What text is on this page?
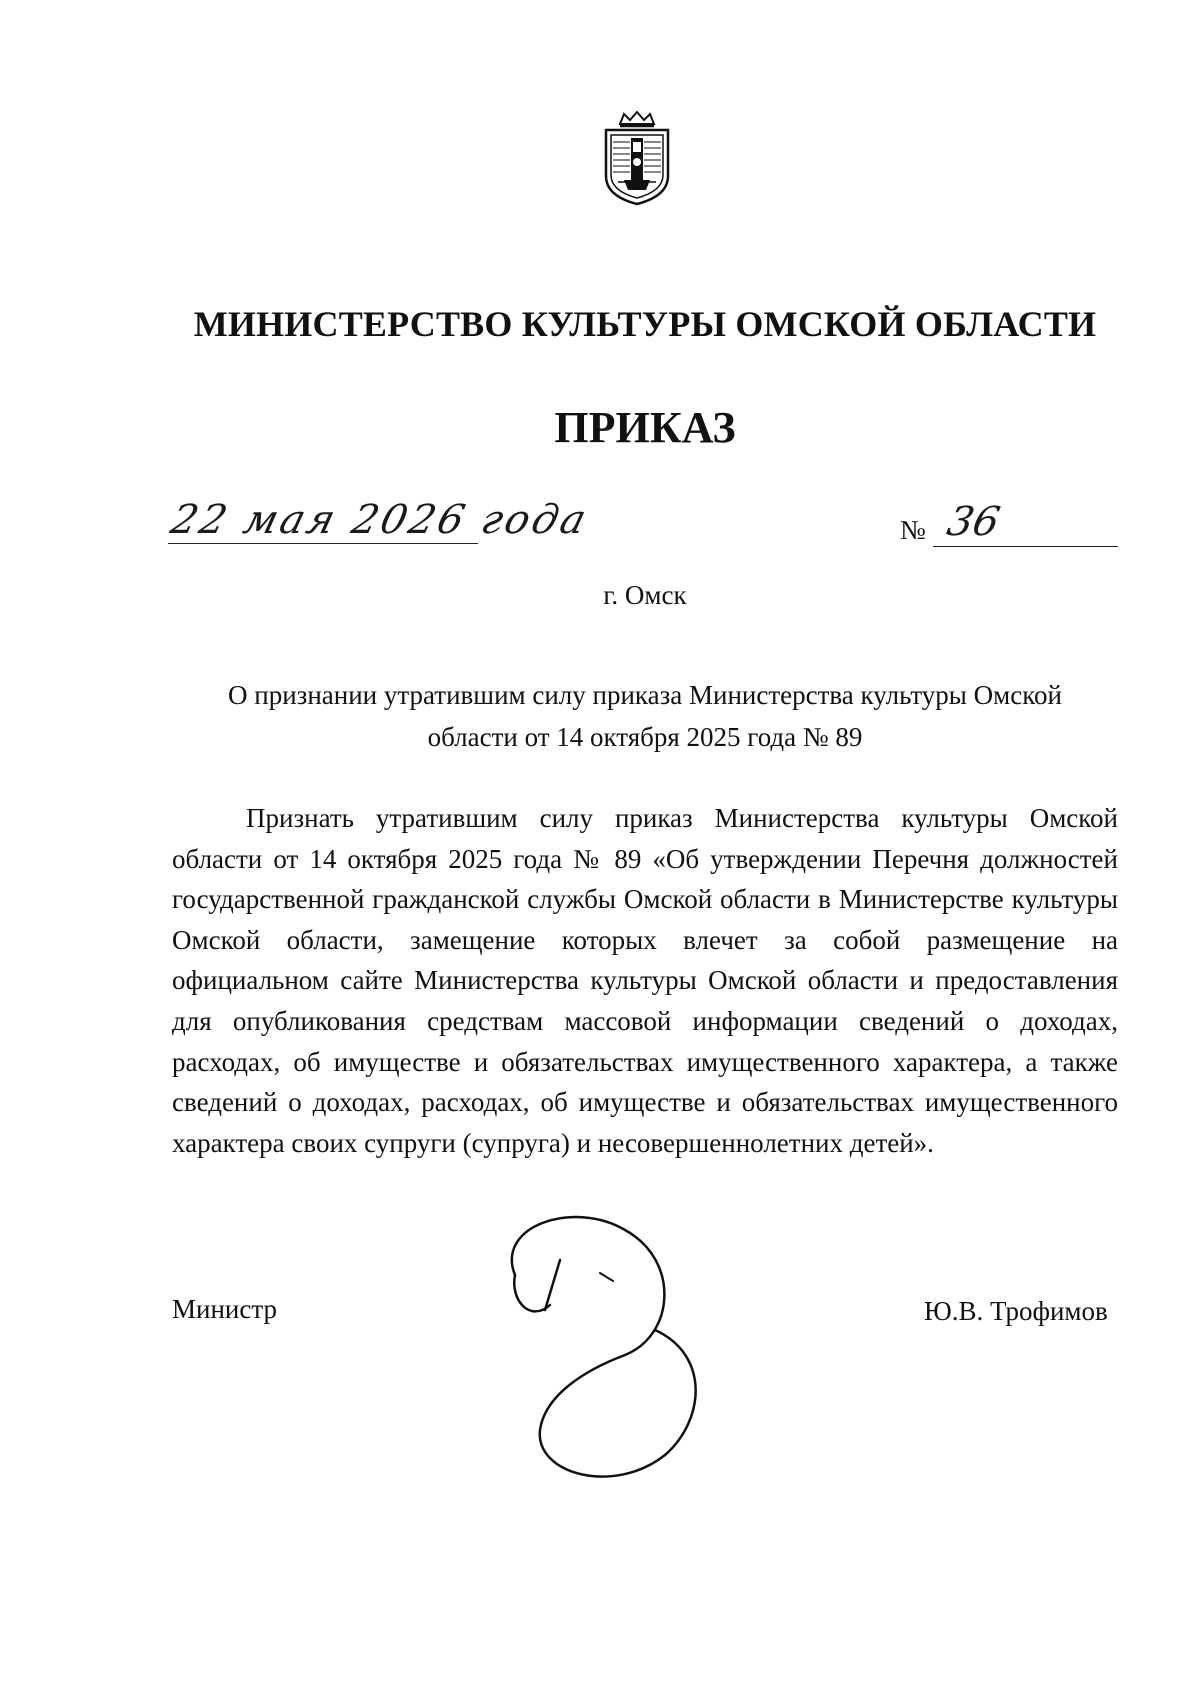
МИНИСТЕРСТВО КУЛЬТУРЫ ОМСКОЙ ОБЛАСТИ
ПРИКАЗ
22 мая 2026 года	№ 36
г. Омск
О признании утратившим силу приказа Министерства культуры Омской области от 14 октября 2025 года № 89

Признать утратившим силу приказ Министерства культуры Омской области от 14 октября 2025 года № 89 «Об утверждении Перечня должностей государственной гражданской службы Омской области в Министерстве культуры Омской области, замещение которых влечет за собой размещение на официальном сайте Министерства культуры Омской области и предоставления для опубликования средствам массовой информации сведений о доходах, расходах, об имуществе и обязательствах имущественного характера, а также сведений о доходах, расходах, об имуществе и обязательствах имущественного характера своих супруги (супруга) и несовершеннолетних детей».

Министр	Ю.В. Трофимов
